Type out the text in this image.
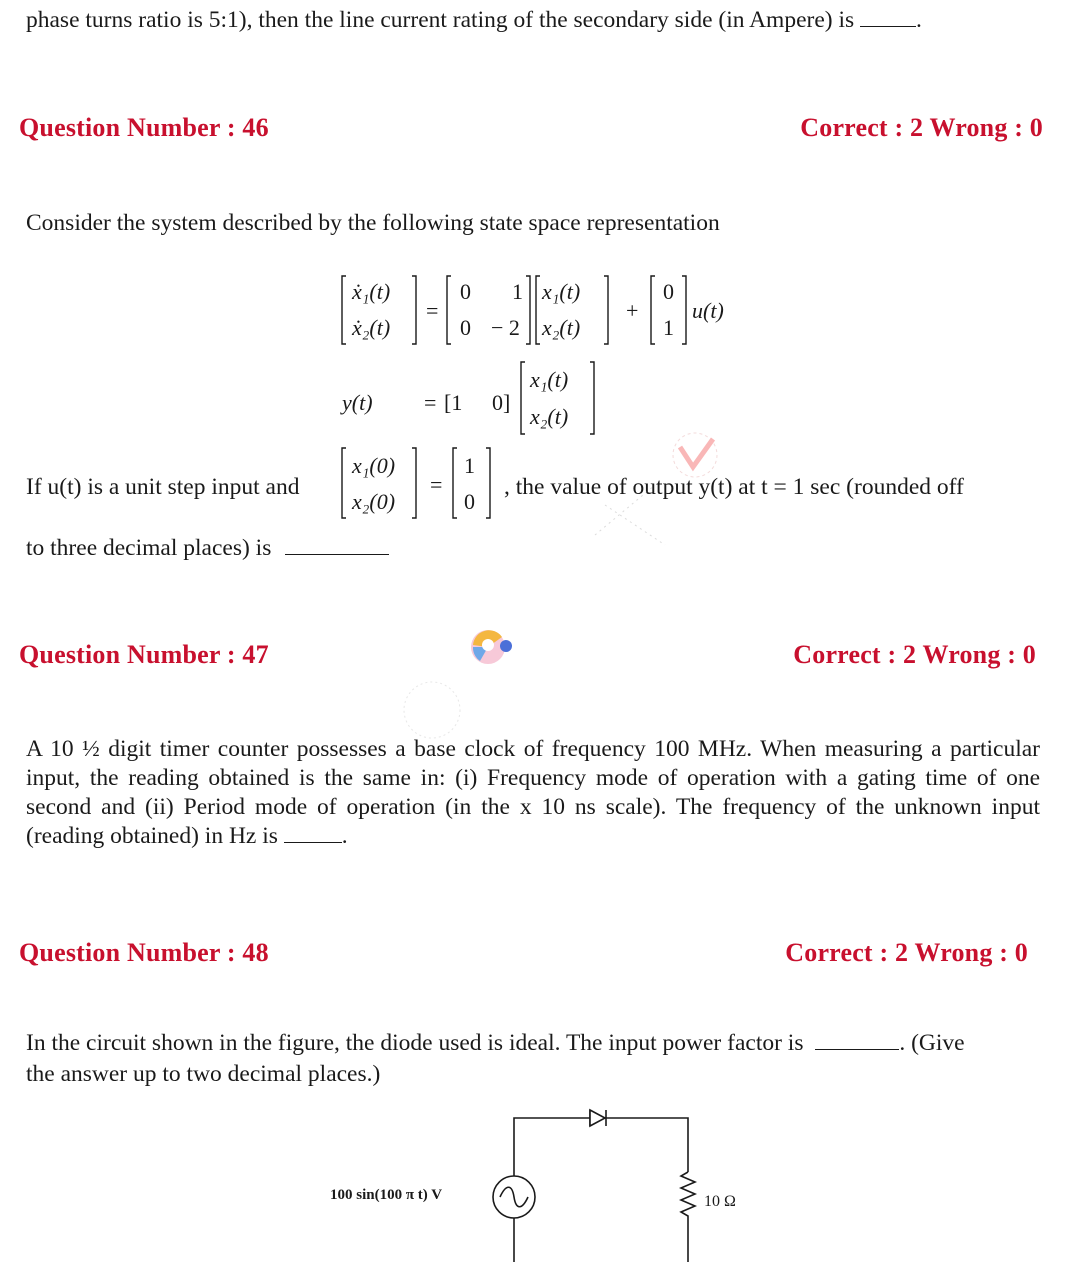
phase turns ratio is 5:1), then the line current rating of the secondary side (in Ampere) is	.
Question Number : 46	Correct : 2 Wrong : 0
Consider the system described by the following state space representation
ẋ₁(t)
ẋ₂(t)
=
0 1
0 − 2
x₁(t)
x₂(t)
+
0
1
u(t)
y(t) = [1 0]
x₁(t)
x₂(t)
x₁(0)
x₂(0)
=
1
0
If u(t) is a unit step input and	, the value of output y(t) at t = 1 sec (rounded off
to three decimal places) is
Question Number : 47	Correct : 2 Wrong : 0
A 10 ½ digit timer counter possesses a base clock of frequency 100 MHz. When measuring a particular input, the reading obtained is the same in: (i) Frequency mode of operation with a gating time of one second and (ii) Period mode of operation (in the x 10 ns scale). The frequency of the unknown input (reading obtained) in Hz is	.
Question Number : 48	Correct : 2 Wrong : 0
In the circuit shown in the figure, the diode used is ideal. The input power factor is	. (Give
the answer up to two decimal places.)
100 sin(100 π t) V	10 Ω
